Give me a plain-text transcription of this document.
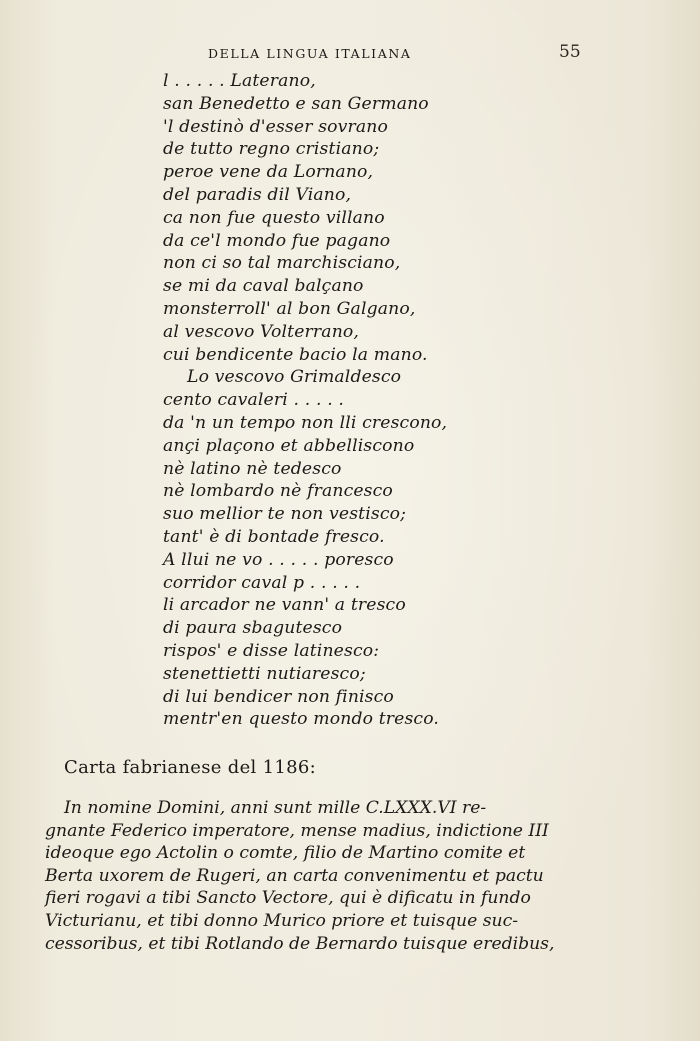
DELLA LINGUA ITALIANA	55
l . . . . . Laterano,
san Benedetto e san Germano
'l destinò d'esser sovrano
de tutto regno cristiano;
peroe vene da Lornano,
del paradis dil Viano,
ca non fue questo villano
da ce'l mondo fue pagano
non ci so tal marchisciano,
se mi da caval balçano
monsterroll' al bon Galgano,
al vescovo Volterrano,
cui bendicente bacio la mano.
Lo vescovo Grimaldesco
cento cavaleri . . . . .
da 'n un tempo non lli crescono,
ançi plaçono et abbelliscono
nè latino nè tedesco
nè lombardo nè francesco
suo mellior te non vestisco;
tant' è di bontade fresco.
A llui ne vo . . . . . poresco
corridor caval p . . . . .
li arcador ne vann' a tresco
di paura sbagutesco
rispos' e disse latinesco:
stenettietti nutiaresco;
di lui bendicer non finisco
mentr'en questo mondo tresco.
Carta fabrianese del 1186:
In nomine Domini, anni sunt mille C.LXXX.VI re-
gnante Federico imperatore, mense madius, indictione III
ideoque ego Actolin o comte, filio de Martino comite et
Berta uxorem de Rugeri, an carta convenimentu et pactu
fieri rogavi a tibi Sancto Vectore, qui è dificatu in fundo
Victurianu, et tibi donno Murico priore et tuisque suc-
cessoribus, et tibi Rotlando de Bernardo tuisque eredibus,
